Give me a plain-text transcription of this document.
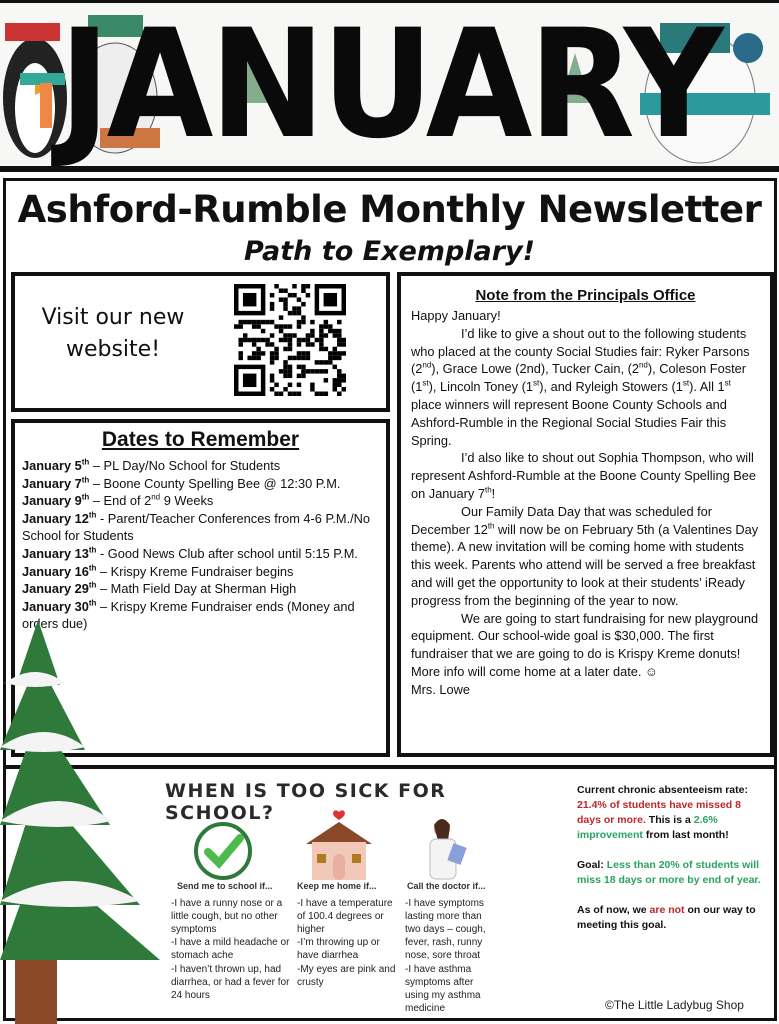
JANUARY
Ashford-Rumble Monthly Newsletter
Path to Exemplary!
Visit our new website!
Dates to Remember
January 5th – PL Day/No School for Students
January 7th – Boone County Spelling Bee @ 12:30 P.M.
January 9th – End of 2nd 9 Weeks
January 12th - Parent/Teacher Conferences from 4-6 P.M./No School for Students
January 13th - Good News Club after school until 5:15 P.M.
January 16th – Krispy Kreme Fundraiser begins
January 29th – Math Field Day at Sherman High
January 30th – Krispy Kreme Fundraiser ends (Money and orders due)
Note from the Principals Office

Happy January!

I’d like to give a shout out to the following students who placed at the county Social Studies fair: Ryker Parsons (2nd), Grace Lowe (2nd), Tucker Cain, (2nd), Coleson Foster (1st), Lincoln Toney (1st), and Ryleigh Stowers (1st). All 1st place winners will represent Boone County Schools and Ashford-Rumble in the Regional Social Studies Fair this Spring.

I’d also like to shout out Sophia Thompson, who will represent Ashford-Rumble at the Boone County Spelling Bee on January 7th!

Our Family Data Day that was scheduled for December 12th will now be on February 5th (a Valentines Day theme). A new invitation will be coming home with students this week. Parents who attend will be served a free breakfast and will get the opportunity to look at their students’ iReady progress from the beginning of the year to now.

We are going to start fundraising for new playground equipment. Our school-wide goal is $30,000. The first fundraiser that we are going to do is Krispy Kreme donuts! More info will come home at a later date. ☺

Mrs. Lowe

WHEN IS TOO SICK FOR SCHOOL?
Send me to school if...
-I have a runny nose or a little cough, but no other symptoms
-I have a mild headache or stomach ache
-I haven’t thrown up, had diarrhea, or had a fever for 24 hours
Keep me home if...
-I have a temperature of 100.4 degrees or higher
-I’m throwing up or have diarrhea
-My eyes are pink and crusty
Call the doctor if...
-I have symptoms lasting more than two days – cough, fever, rash, runny nose, sore throat
-I have asthma symptoms after using my asthma medicine

Current chronic absenteeism rate: 21.4% of students have missed 8 days or more. This is a 2.6% improvement from last month!

Goal: Less than 20% of students will miss 18 days or more by end of year.

As of now, we are not on our way to meeting this goal.

©The Little Ladybug Shop
